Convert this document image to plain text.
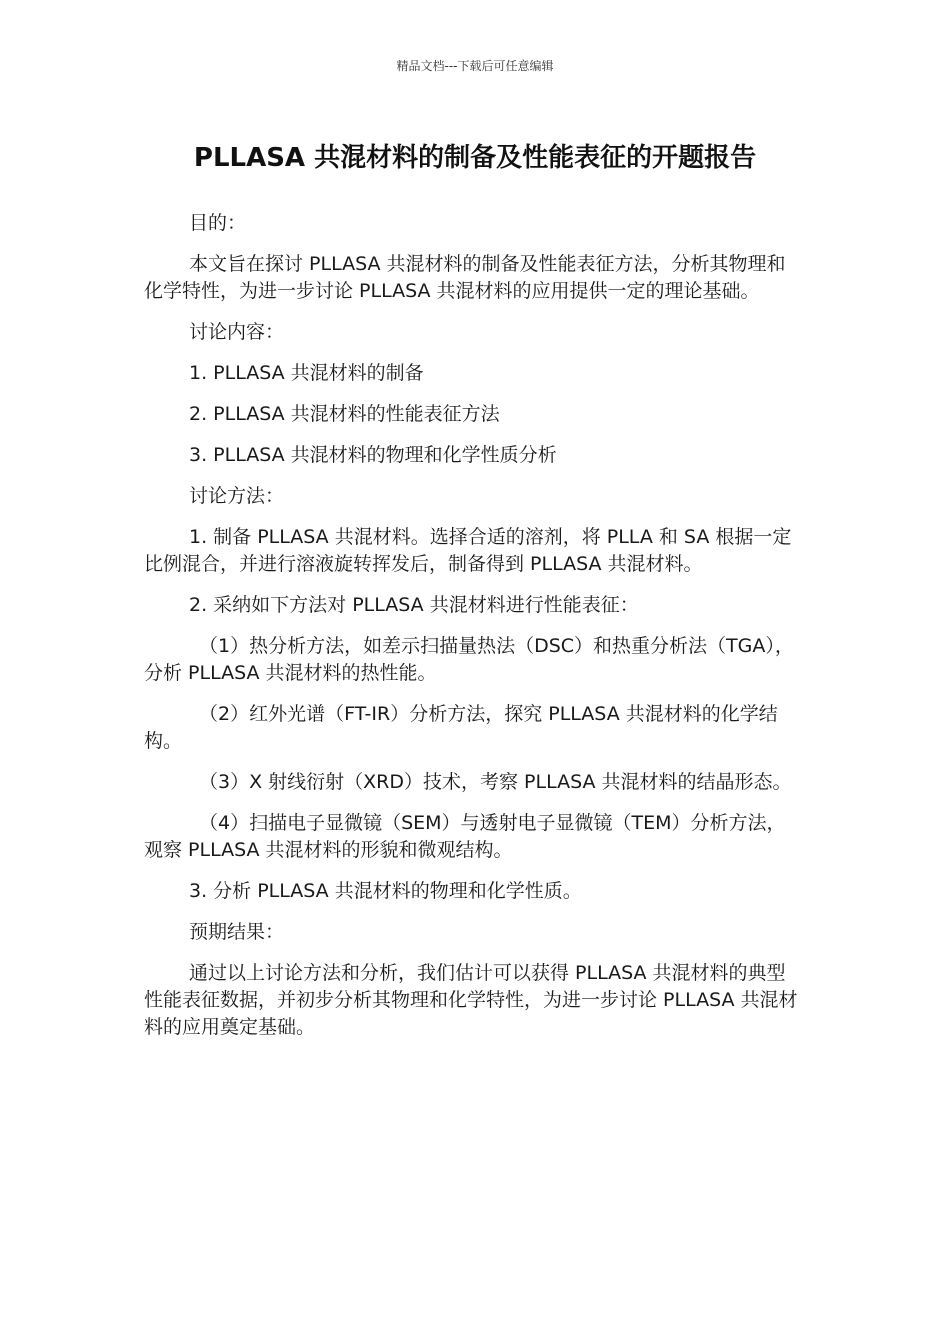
精品文档---下载后可任意编辑
PLLASA 共混材料的制备及性能表征的开题报告

目的：

本文旨在探讨 PLLASA 共混材料的制备及性能表征方法，分析其物理和化学特性，为进一步讨论 PLLASA 共混材料的应用提供一定的理论基础。

讨论内容：

1. PLLASA 共混材料的制备

2. PLLASA 共混材料的性能表征方法

3. PLLASA 共混材料的物理和化学性质分析

讨论方法：

1. 制备 PLLASA 共混材料。选择合适的溶剂，将 PLLA 和 SA 根据一定比例混合，并进行溶液旋转挥发后，制备得到 PLLASA 共混材料。

2. 采纳如下方法对 PLLASA 共混材料进行性能表征：

（1）热分析方法，如差示扫描量热法（DSC）和热重分析法（TGA），分析 PLLASA 共混材料的热性能。

（2）红外光谱（FT-IR）分析方法，探究 PLLASA 共混材料的化学结构。

（3）X 射线衍射（XRD）技术，考察 PLLASA 共混材料的结晶形态。

（4）扫描电子显微镜（SEM）与透射电子显微镜（TEM）分析方法，观察 PLLASA 共混材料的形貌和微观结构。

3. 分析 PLLASA 共混材料的物理和化学性质。

预期结果：

通过以上讨论方法和分析，我们估计可以获得 PLLASA 共混材料的典型性能表征数据，并初步分析其物理和化学特性，为进一步讨论 PLLASA 共混材料的应用奠定基础。
